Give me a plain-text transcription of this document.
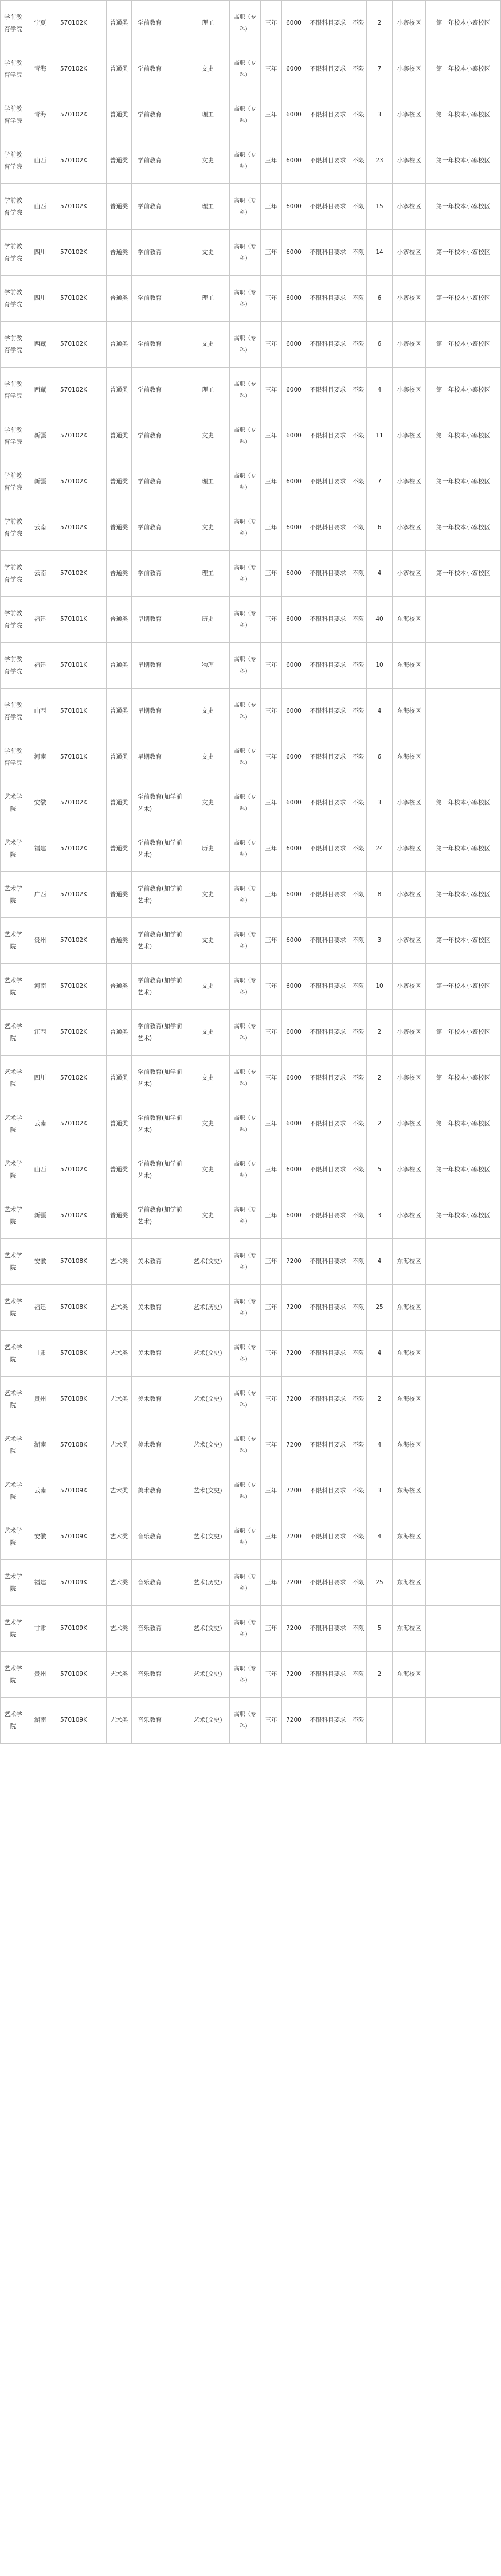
学前教育学院	宁夏	570102K	普通类	学前教育	理工	高职（专科）	三年	6000	不限科目要求	不限	2	小寨校区	第一年校本小寨校区
学前教育学院	青海	570102K	普通类	学前教育	文史	高职（专科）	三年	6000	不限科目要求	不限	7	小寨校区	第一年校本小寨校区
学前教育学院	青海	570102K	普通类	学前教育	理工	高职（专科）	三年	6000	不限科目要求	不限	3	小寨校区	第一年校本小寨校区
学前教育学院	山西	570102K	普通类	学前教育	文史	高职（专科）	三年	6000	不限科目要求	不限	23	小寨校区	第一年校本小寨校区
学前教育学院	山西	570102K	普通类	学前教育	理工	高职（专科）	三年	6000	不限科目要求	不限	15	小寨校区	第一年校本小寨校区
学前教育学院	四川	570102K	普通类	学前教育	文史	高职（专科）	三年	6000	不限科目要求	不限	14	小寨校区	第一年校本小寨校区
学前教育学院	四川	570102K	普通类	学前教育	理工	高职（专科）	三年	6000	不限科目要求	不限	6	小寨校区	第一年校本小寨校区
学前教育学院	西藏	570102K	普通类	学前教育	文史	高职（专科）	三年	6000	不限科目要求	不限	6	小寨校区	第一年校本小寨校区
学前教育学院	西藏	570102K	普通类	学前教育	理工	高职（专科）	三年	6000	不限科目要求	不限	4	小寨校区	第一年校本小寨校区
学前教育学院	新疆	570102K	普通类	学前教育	文史	高职（专科）	三年	6000	不限科目要求	不限	11	小寨校区	第一年校本小寨校区
学前教育学院	新疆	570102K	普通类	学前教育	理工	高职（专科）	三年	6000	不限科目要求	不限	7	小寨校区	第一年校本小寨校区
学前教育学院	云南	570102K	普通类	学前教育	文史	高职（专科）	三年	6000	不限科目要求	不限	6	小寨校区	第一年校本小寨校区
学前教育学院	云南	570102K	普通类	学前教育	理工	高职（专科）	三年	6000	不限科目要求	不限	4	小寨校区	第一年校本小寨校区
学前教育学院	福建	570101K	普通类	早期教育	历史	高职（专科）	三年	6000	不限科目要求	不限	40	东海校区	
学前教育学院	福建	570101K	普通类	早期教育	物理	高职（专科）	三年	6000	不限科目要求	不限	10	东海校区	
学前教育学院	山西	570101K	普通类	早期教育	文史	高职（专科）	三年	6000	不限科目要求	不限	4	东海校区	
学前教育学院	河南	570101K	普通类	早期教育	文史	高职（专科）	三年	6000	不限科目要求	不限	6	东海校区	
艺术学院	安徽	570102K	普通类	学前教育(加学前艺术)	文史	高职（专科）	三年	6000	不限科目要求	不限	3	小寨校区	第一年校本小寨校区
艺术学院	福建	570102K	普通类	学前教育(加学前艺术)	历史	高职（专科）	三年	6000	不限科目要求	不限	24	小寨校区	第一年校本小寨校区
艺术学院	广西	570102K	普通类	学前教育(加学前艺术)	文史	高职（专科）	三年	6000	不限科目要求	不限	8	小寨校区	第一年校本小寨校区
艺术学院	贵州	570102K	普通类	学前教育(加学前艺术)	文史	高职（专科）	三年	6000	不限科目要求	不限	3	小寨校区	第一年校本小寨校区
艺术学院	河南	570102K	普通类	学前教育(加学前艺术)	文史	高职（专科）	三年	6000	不限科目要求	不限	10	小寨校区	第一年校本小寨校区
艺术学院	江西	570102K	普通类	学前教育(加学前艺术)	文史	高职（专科）	三年	6000	不限科目要求	不限	2	小寨校区	第一年校本小寨校区
艺术学院	四川	570102K	普通类	学前教育(加学前艺术)	文史	高职（专科）	三年	6000	不限科目要求	不限	2	小寨校区	第一年校本小寨校区
艺术学院	云南	570102K	普通类	学前教育(加学前艺术)	文史	高职（专科）	三年	6000	不限科目要求	不限	2	小寨校区	第一年校本小寨校区
艺术学院	山西	570102K	普通类	学前教育(加学前艺术)	文史	高职（专科）	三年	6000	不限科目要求	不限	5	小寨校区	第一年校本小寨校区
艺术学院	新疆	570102K	普通类	学前教育(加学前艺术)	文史	高职（专科）	三年	6000	不限科目要求	不限	3	小寨校区	第一年校本小寨校区
艺术学院	安徽	570108K	艺术类	美术教育	艺术(文史)	高职（专科）	三年	7200	不限科目要求	不限	4	东海校区	
艺术学院	福建	570108K	艺术类	美术教育	艺术(历史)	高职（专科）	三年	7200	不限科目要求	不限	25	东海校区	
艺术学院	甘肃	570108K	艺术类	美术教育	艺术(文史)	高职（专科）	三年	7200	不限科目要求	不限	4	东海校区	
艺术学院	贵州	570108K	艺术类	美术教育	艺术(文史)	高职（专科）	三年	7200	不限科目要求	不限	2	东海校区	
艺术学院	湖南	570108K	艺术类	美术教育	艺术(文史)	高职（专科）	三年	7200	不限科目要求	不限	4	东海校区	
艺术学院	云南	570109K	艺术类	美术教育	艺术(文史)	高职（专科）	三年	7200	不限科目要求	不限	3	东海校区	
艺术学院	安徽	570109K	艺术类	音乐教育	艺术(文史)	高职（专科）	三年	7200	不限科目要求	不限	4	东海校区	
艺术学院	福建	570109K	艺术类	音乐教育	艺术(历史)	高职（专科）	三年	7200	不限科目要求	不限	25	东海校区	
艺术学院	甘肃	570109K	艺术类	音乐教育	艺术(文史)	高职（专科）	三年	7200	不限科目要求	不限	5	东海校区	
艺术学院	贵州	570109K	艺术类	音乐教育	艺术(文史)	高职（专科）	三年	7200	不限科目要求	不限	2	东海校区	
艺术学院	湖南	570109K	艺术类	音乐教育	艺术(文史)	高职（专科）	三年	7200	不限科目要求	不限			
